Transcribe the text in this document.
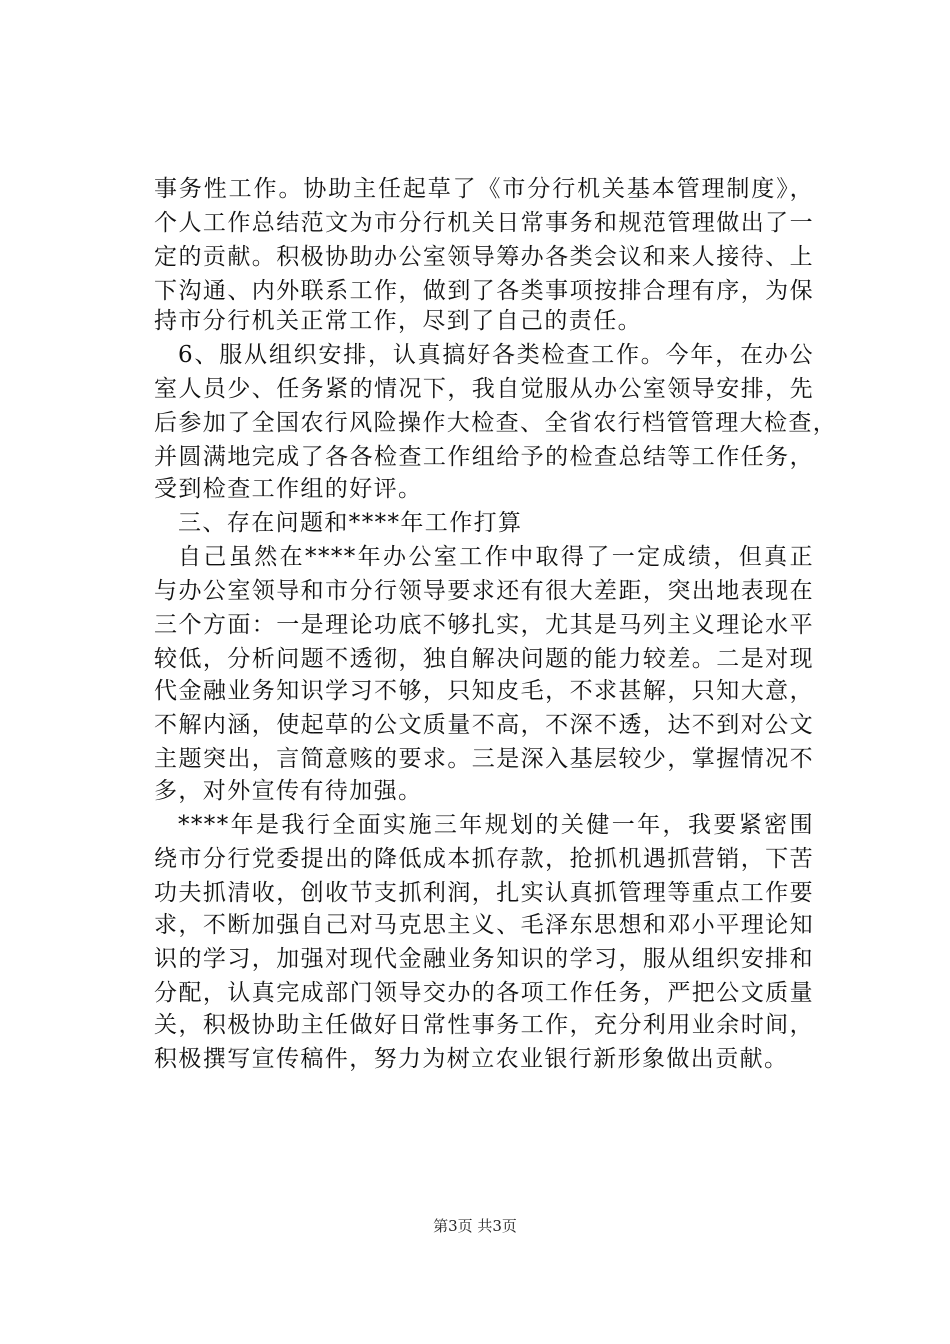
事务性工作。协助主任起草了《市分行机关基本管理制度》，
个人工作总结范文为市分行机关日常事务和规范管理做出了一
定的贡献。积极协助办公室领导筹办各类会议和来人接待、上
下沟通、内外联系工作，做到了各类事项按排合理有序，为保
持市分行机关正常工作，尽到了自己的责任。
6、服从组织安排，认真搞好各类检查工作。今年，在办公
室人员少、任务紧的情况下，我自觉服从办公室领导安排，先
后参加了全国农行风险操作大检查、全省农行档管管理大检查，
并圆满地完成了各各检查工作组给予的检查总结等工作任务，
受到检查工作组的好评。
三、存在问题和****年工作打算
自己虽然在****年办公室工作中取得了一定成绩，但真正
与办公室领导和市分行领导要求还有很大差距，突出地表现在
三个方面：一是理论功底不够扎实，尤其是马列主义理论水平
较低，分析问题不透彻，独自解决问题的能力较差。二是对现
代金融业务知识学习不够，只知皮毛，不求甚解，只知大意，
不解内涵，使起草的公文质量不高，不深不透，达不到对公文
主题突出，言简意赅的要求。三是深入基层较少，掌握情况不
多，对外宣传有待加强。
****年是我行全面实施三年规划的关健一年，我要紧密围
绕市分行党委提出的降低成本抓存款，抢抓机遇抓营销，下苦
功夫抓清收，创收节支抓利润，扎实认真抓管理等重点工作要
求，不断加强自己对马克思主义、毛泽东思想和邓小平理论知
识的学习，加强对现代金融业务知识的学习，服从组织安排和
分配，认真完成部门领导交办的各项工作任务，严把公文质量
关，积极协助主任做好日常性事务工作，充分利用业余时间，
积极撰写宣传稿件，努力为树立农业银行新形象做出贡献。
第3页 共3页
